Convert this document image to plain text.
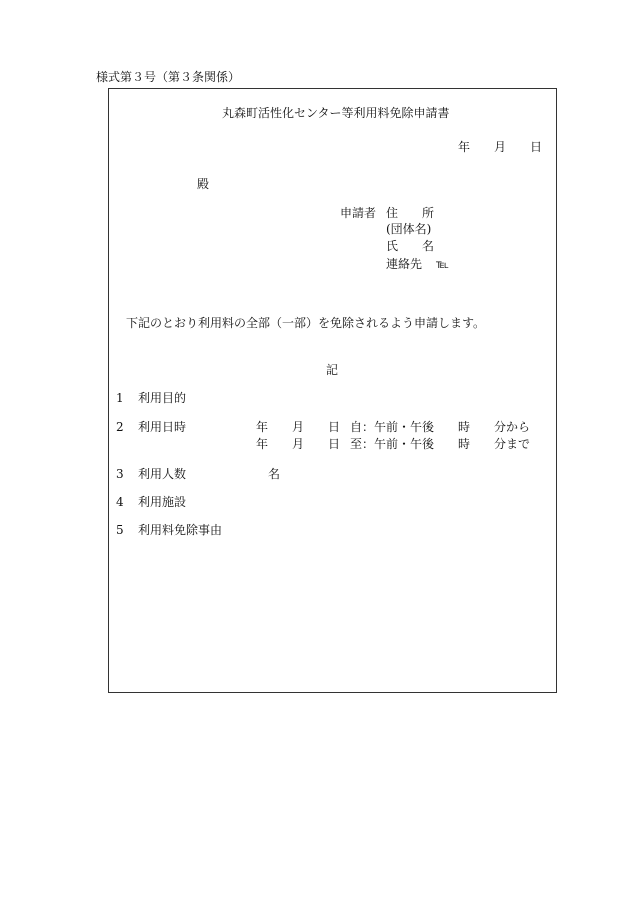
様式第３号（第３条関係）
丸森町活性化センター等利用料免除申請書
年 月 日
殿
申請者 住　　所
(団体名)
氏　　名
連絡先 ℡
下記のとおり利用料の全部（一部）を免除されるよう申請します。
記
1 利用目的
2 利用日時	年 月 日 自：午前・午後 時 分から
年 月 日 至：午前・午後 時 分まで
3 利用人数	名
4 利用施設
5 利用料免除事由
